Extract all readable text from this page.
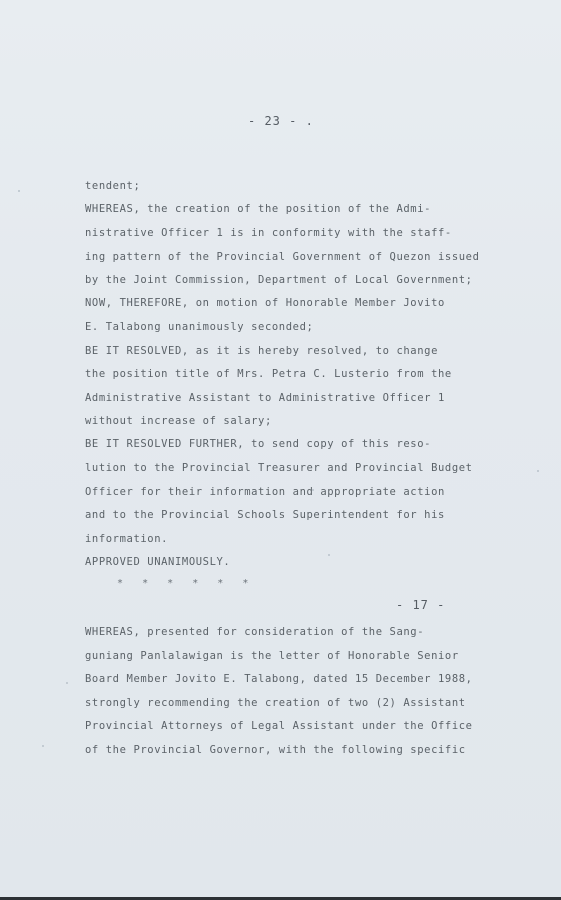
- 23 - .
tendent;
WHEREAS, the creation of the position of the Admi-
nistrative Officer 1 is in conformity with the staff-
ing pattern of the Provincial Government of Quezon issued
by the Joint Commission, Department of Local Government;
NOW, THEREFORE, on motion of Honorable Member Jovito
E. Talabong unanimously seconded;
BE IT RESOLVED, as it is hereby resolved, to change
the position title of Mrs. Petra C. Lusterio from the
Administrative Assistant to Administrative Officer 1
without increase of salary;
BE IT RESOLVED FURTHER, to send copy of this reso-
lution to the Provincial Treasurer and Provincial Budget
Officer for their information and appropriate action
and to the Provincial Schools Superintendent for his
information.
APPROVED UNANIMOUSLY.
* * * * * *
- 17 -
WHEREAS, presented for consideration of the Sang-
guniang Panlalawigan is the letter of Honorable Senior
Board Member Jovito E. Talabong, dated 15 December 1988,
strongly recommending the creation of two (2) Assistant
Provincial Attorneys of Legal Assistant under the Office
of the Provincial Governor, with the following specific
